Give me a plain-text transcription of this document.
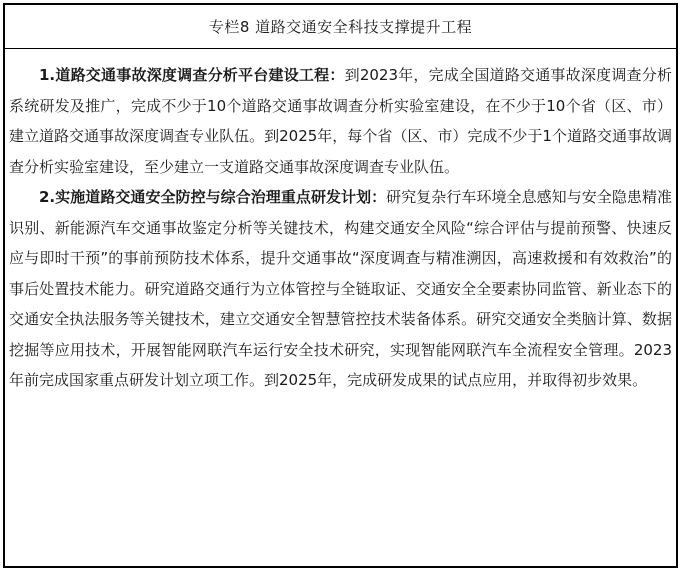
专栏8 道路交通安全科技支撑提升工程

1.道路交通事故深度调查分析平台建设工程：到2023年，完成全国道路交通事故深度调查分析系统研发及推广，完成不少于10个道路交通事故调查分析实验室建设，在不少于10个省（区、市）建立道路交通事故深度调查专业队伍。到2025年，每个省（区、市）完成不少于1个道路交通事故调查分析实验室建设，至少建立一支道路交通事故深度调查专业队伍。

2.实施道路交通安全防控与综合治理重点研发计划：研究复杂行车环境全息感知与安全隐患精准识别、新能源汽车交通事故鉴定分析等关键技术，构建交通安全风险“综合评估与提前预警、快速反应与即时干预”的事前预防技术体系，提升交通事故“深度调查与精准溯因，高速救援和有效救治”的事后处置技术能力。研究道路交通行为立体管控与全链取证、交通安全全要素协同监管、新业态下的交通安全执法服务等关键技术，建立交通安全智慧管控技术装备体系。研究交通安全类脑计算、数据挖掘等应用技术，开展智能网联汽车运行安全技术研究，实现智能网联汽车全流程安全管理。2023年前完成国家重点研发计划立项工作。到2025年，完成研发成果的试点应用，并取得初步效果。
